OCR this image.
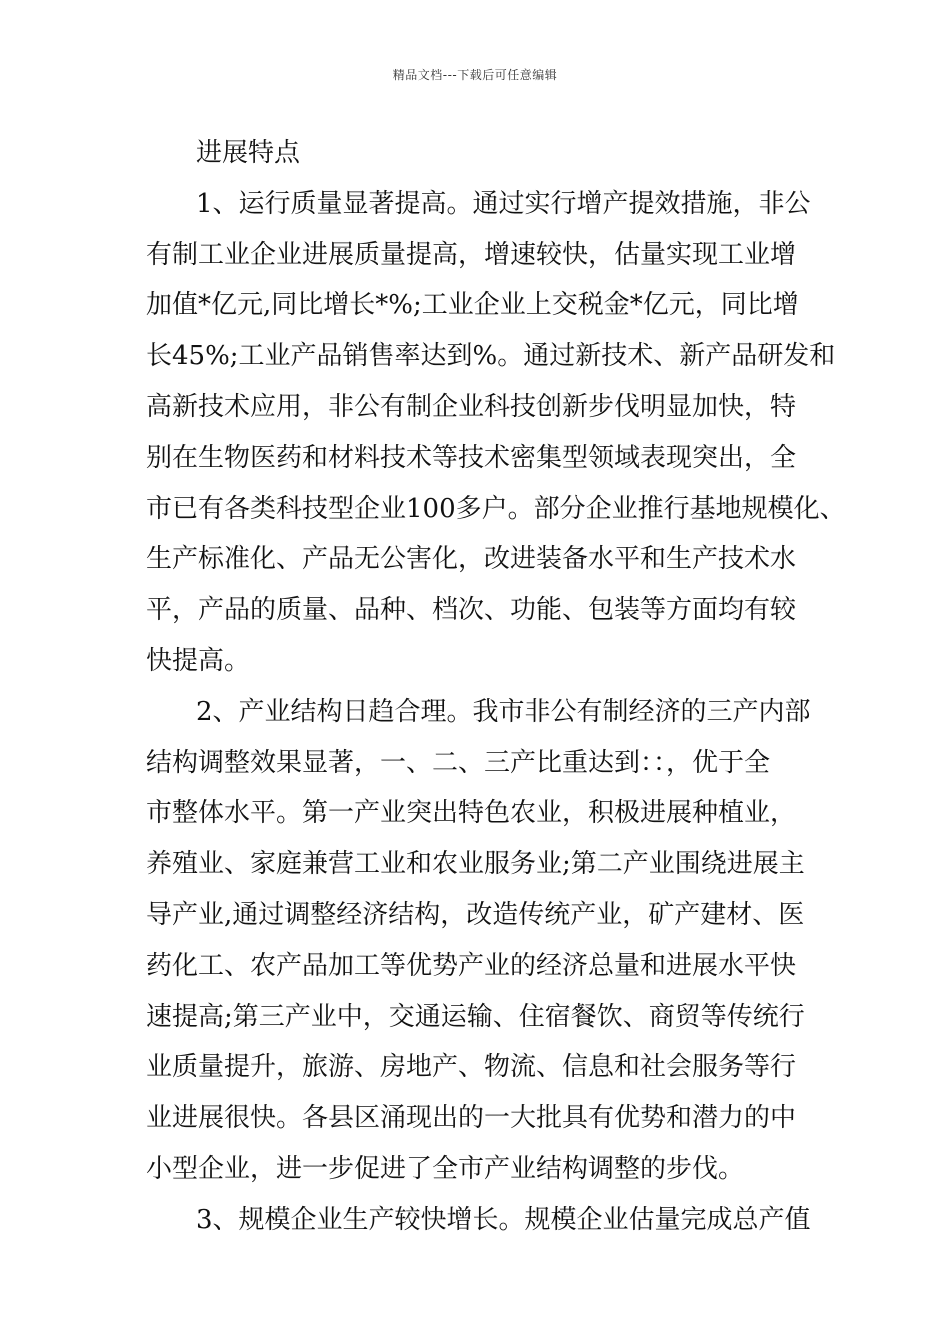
精品文档---下载后可任意编辑
进展特点
1、运行质量显著提高。通过实行增产提效措施，非公
有制工业企业进展质量提高，增速较快，估量实现工业增
加值*亿元,同比增长*%;工业企业上交税金*亿元，同比增
长45%;工业产品销售率达到%。通过新技术、新产品研发和
高新技术应用，非公有制企业科技创新步伐明显加快，特
别在生物医药和材料技术等技术密集型领域表现突出，全
市已有各类科技型企业100多户。部分企业推行基地规模化、
生产标准化、产品无公害化，改进装备水平和生产技术水
平，产品的质量、品种、档次、功能、包装等方面均有较
快提高。
2、产业结构日趋合理。我市非公有制经济的三产内部
结构调整效果显著，一、二、三产比重达到：：，优于全
市整体水平。第一产业突出特色农业，积极进展种植业，
养殖业、家庭兼营工业和农业服务业;第二产业围绕进展主
导产业,通过调整经济结构，改造传统产业，矿产建材、医
药化工、农产品加工等优势产业的经济总量和进展水平快
速提高;第三产业中，交通运输、住宿餐饮、商贸等传统行
业质量提升，旅游、房地产、物流、信息和社会服务等行
业进展很快。各县区涌现出的一大批具有优势和潜力的中
小型企业，进一步促进了全市产业结构调整的步伐。
3、规模企业生产较快增长。规模企业估量完成总产值
